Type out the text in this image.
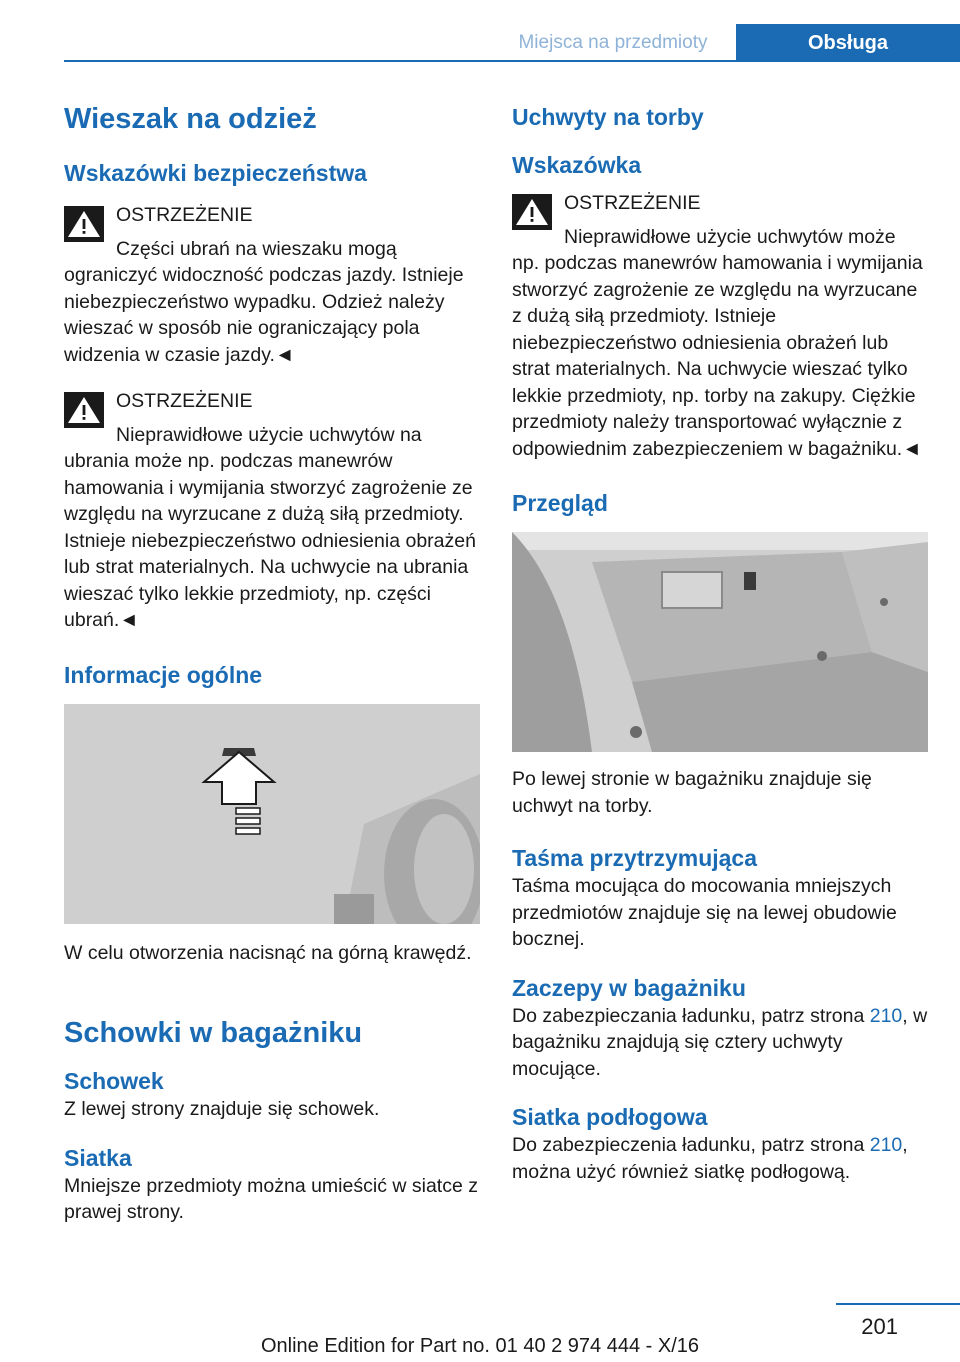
Miejsca na przedmioty	Obsługa
Wieszak na odzież
Wskazówki bezpieczeństwa
OSTRZEŻENIE
Części ubrań na wieszaku mogą ograniczyć widoczność podczas jazdy. Istnieje niebezpieczeństwo wypadku. Odzież należy wieszać w sposób nie ograniczający pola widzenia w czasie jazdy.◄
OSTRZEŻENIE
Nieprawidłowe użycie uchwytów na ubrania może np. podczas manewrów hamowania i wymijania stworzyć zagrożenie ze względu na wyrzucane z dużą siłą przedmioty. Istnieje niebezpieczeństwo odniesienia obrażeń lub strat materialnych. Na uchwycie na ubrania wieszać tylko lekkie przedmioty, np. części ubrań.◄
Informacje ogólne

W celu otworzenia nacisnąć na górną krawędź.

Schowki w bagażniku
Schowek

Z lewej strony znajduje się schowek.

Siatka

Mniejsze przedmioty można umieścić w siatce z prawej strony.

Uchwyty na torby
Wskazówka
OSTRZEŻENIE
Nieprawidłowe użycie uchwytów może np. podczas manewrów hamowania i wymijania stworzyć zagrożenie ze względu na wyrzucane z dużą siłą przedmioty. Istnieje niebezpieczeństwo odniesienia obrażeń lub strat materialnych. Na uchwycie wieszać tylko lekkie przedmioty, np. torby na zakupy. Ciężkie przedmioty należy transportować wyłącznie z odpowiednim zabezpieczeniem w bagażniku.◄
Przegląd

Po lewej stronie w bagażniku znajduje się uchwyt na torby.

Taśma przytrzymująca

Taśma mocująca do mocowania mniejszych przedmiotów znajduje się na lewej obudowie bocznej.

Zaczepy w bagażniku

Do zabezpieczania ładunku, patrz strona 210, w bagażniku znajdują się cztery uchwyty mocujące.

Siatka podłogowa

Do zabezpieczenia ładunku, patrz strona 210, można użyć również siatkę podłogową.

201
Online Edition for Part no. 01 40 2 974 444 - X/16
